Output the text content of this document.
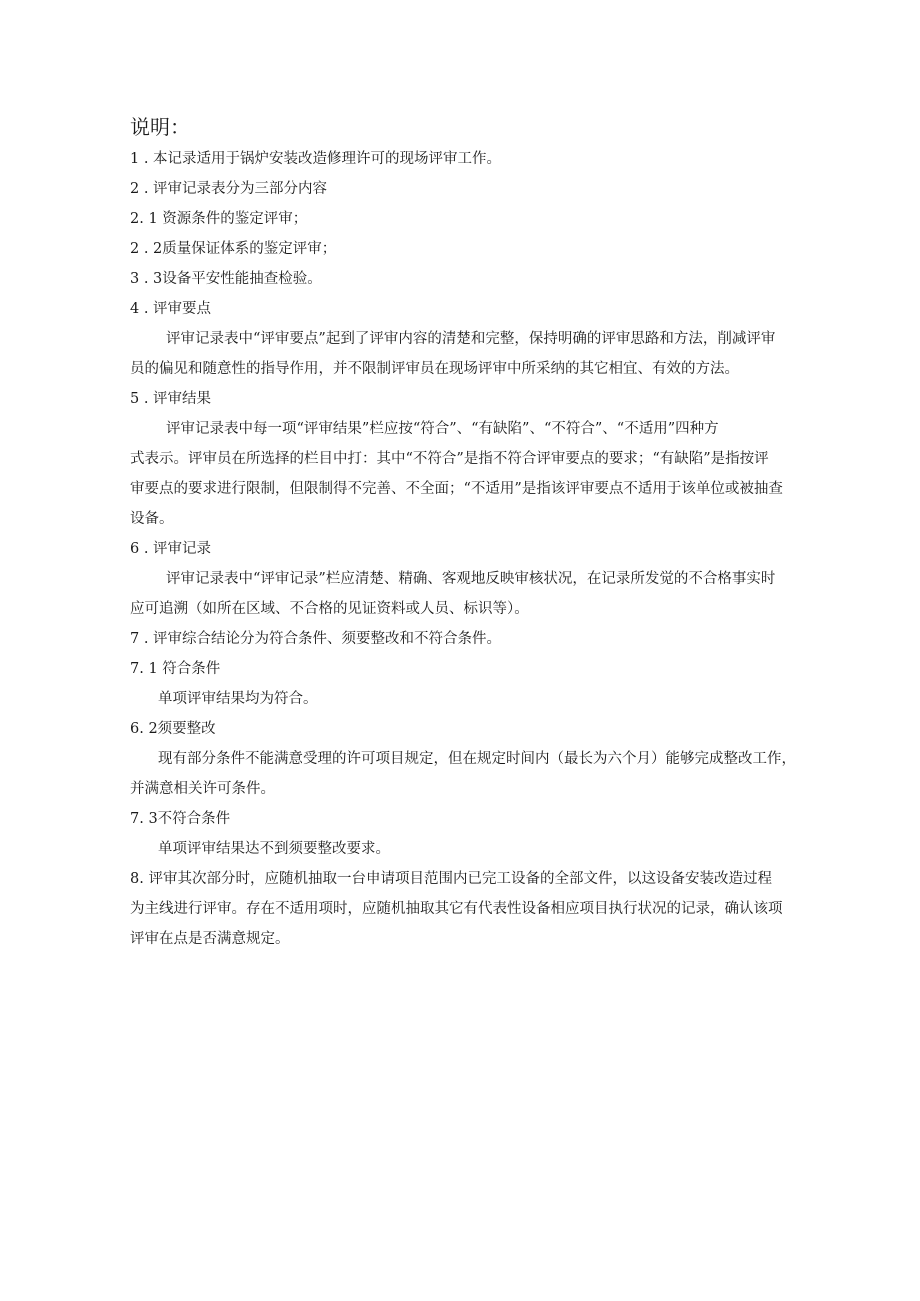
说明：
1 . 本记录适用于锅炉安装改造修理许可的现场评审工作。
2 . 评审记录表分为三部分内容
2. 1 资源条件的鉴定评审；
2 . 2质量保证体系的鉴定评审；
3 . 3设备平安性能抽查检验。
4 . 评审要点
评审记录表中“评审要点”起到了评审内容的清楚和完整，保持明确的评审思路和方法，削减评审
员的偏见和随意性的指导作用，并不限制评审员在现场评审中所采纳的其它相宜、有效的方法。
5 . 评审结果
评审记录表中每一项“评审结果”栏应按“符合”、“有缺陷”、“不符合”、“不适用”四种方
式表示。评审员在所选择的栏目中打：其中“不符合”是指不符合评审要点的要求；“有缺陷”是指按评
审要点的要求进行限制，但限制得不完善、不全面；“不适用”是指该评审要点不适用于该单位或被抽查
设备。
6 . 评审记录
评审记录表中“评审记录”栏应清楚、精确、客观地反映审核状况，在记录所发觉的不合格事实时
应可追溯（如所在区域、不合格的见证资料或人员、标识等）。
7 . 评审综合结论分为符合条件、须要整改和不符合条件。
7. 1 符合条件
单项评审结果均为符合。
6. 2须要整改
现有部分条件不能满意受理的许可项目规定，但在规定时间内（最长为六个月）能够完成整改工作，
并满意相关许可条件。
7. 3不符合条件
单项评审结果达不到须要整改要求。
8. 评审其次部分时，应随机抽取一台申请项目范围内已完工设备的全部文件，以这设备安装改造过程
为主线进行评审。存在不适用项时，应随机抽取其它有代表性设备相应项目执行状况的记录，确认该项
评审在点是否满意规定。
